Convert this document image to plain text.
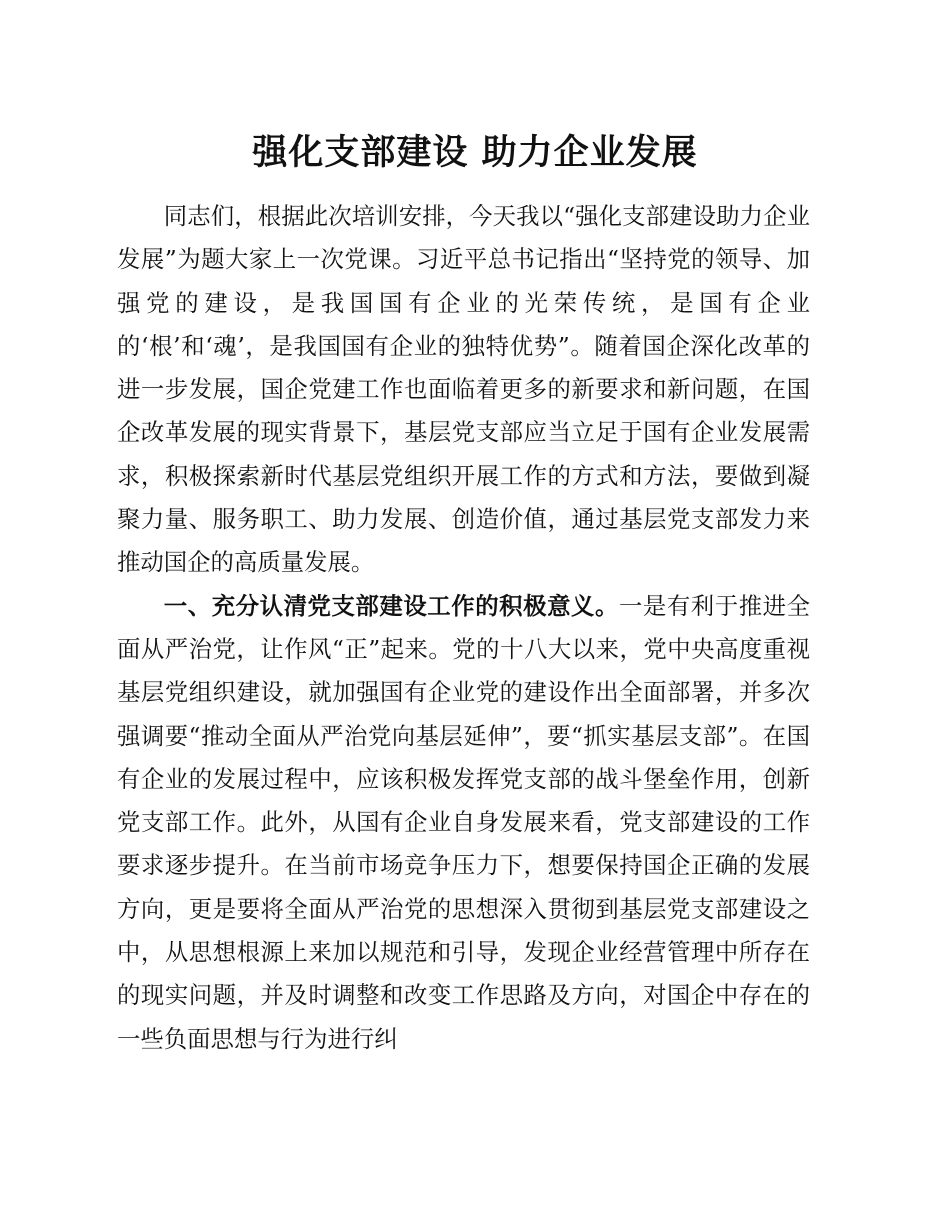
强化支部建设 助力企业发展

同志们，根据此次培训安排，今天我以“强化支部建设助力企业发展”为题大家上一次党课。习近平总书记指出“坚持党的领导、加强党的建设，是我国国有企业的光荣传统，是国有企业的‘根’和‘魂’，是我国国有企业的独特优势”。随着国企深化改革的进一步发展，国企党建工作也面临着更多的新要求和新问题，在国企改革发展的现实背景下，基层党支部应当立足于国有企业发展需求，积极探索新时代基层党组织开展工作的方式和方法，要做到凝聚力量、服务职工、助力发展、创造价值，通过基层党支部发力来推动国企的高质量发展。

一、充分认清党支部建设工作的积极意义。一是有利于推进全面从严治党，让作风“正”起来。党的十八大以来，党中央高度重视基层党组织建设，就加强国有企业党的建设作出全面部署，并多次强调要“推动全面从严治党向基层延伸”，要“抓实基层支部”。在国有企业的发展过程中，应该积极发挥党支部的战斗堡垒作用，创新党支部工作。此外，从国有企业自身发展来看，党支部建设的工作要求逐步提升。在当前市场竞争压力下，想要保持国企正确的发展方向，更是要将全面从严治党的思想深入贯彻到基层党支部建设之中，从思想根源上来加以规范和引导，发现企业经营管理中所存在的现实问题，并及时调整和改变工作思路及方向，对国企中存在的一些负面思想与行为进行纠
